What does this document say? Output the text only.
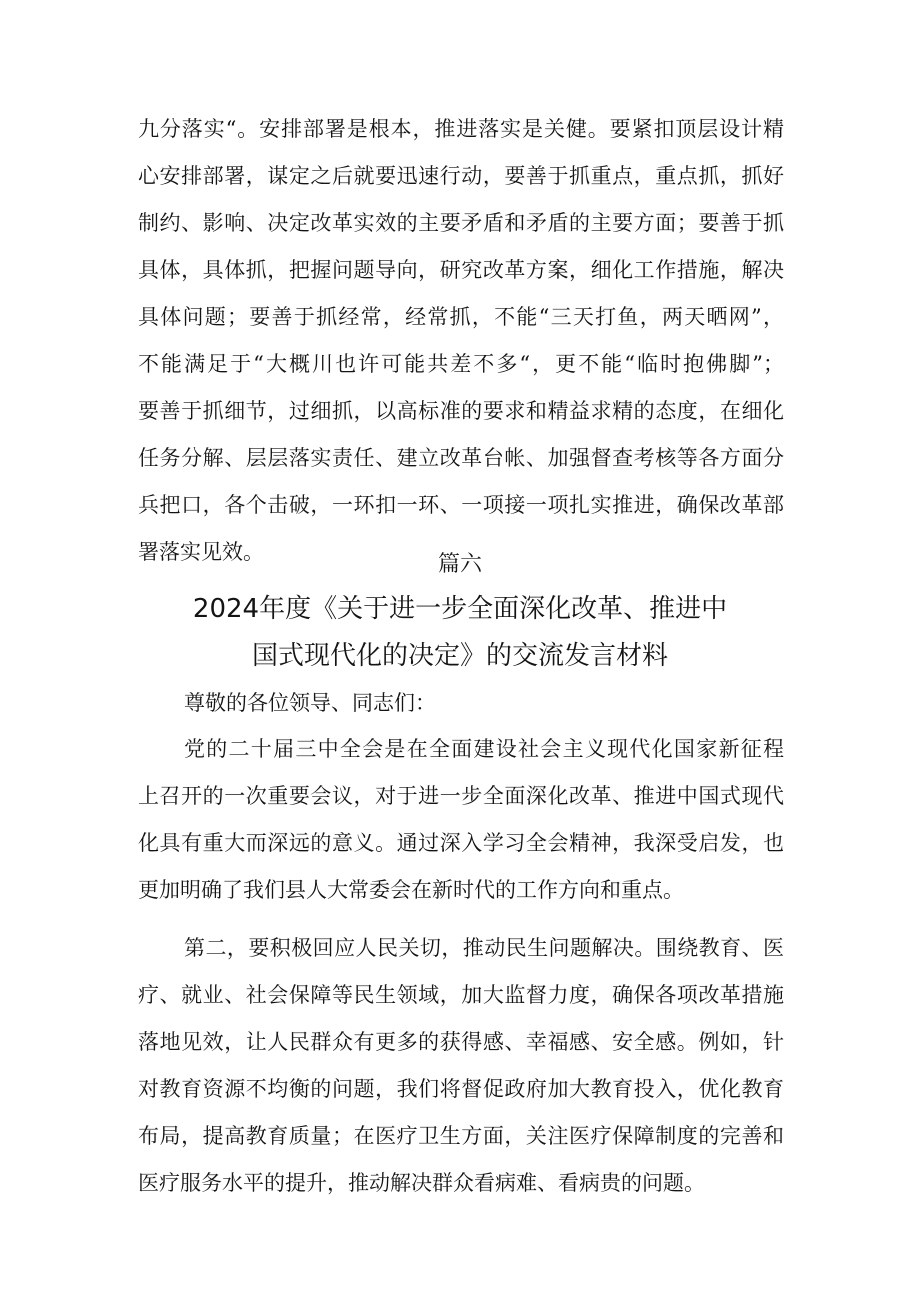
九分落实“。安排部署是根本，推进落实是关健。要紧扣顶层设计精
心安排部署，谋定之后就要迅速行动，要善于抓重点，重点抓，抓好
制约、影响、决定改革实效的主要矛盾和矛盾的主要方面；要善于抓
具体，具体抓，把握问题导向，研究改革方案，细化工作措施，解决
具体问题；要善于抓经常，经常抓，不能“三天打鱼，两天晒网”，
不能满足于“大概川也许可能共差不多“，更不能“临时抱佛脚”；
要善于抓细节，过细抓，以高标准的要求和精益求精的态度，在细化
任务分解、层层落实责任、建立改革台帐、加强督查考核等各方面分
兵把口，各个击破，一环扣一环、一项接一项扎实推进，确保改革部
署落实见效。	篇六
2024年度《关于进一步全面深化改革、推进中
国式现代化的决定》的交流发言材料
尊敬的各位领导、同志们：
党的二十届三中全会是在全面建设社会主义现代化国家新征程
上召开的一次重要会议，对于进一步全面深化改革、推进中国式现代
化具有重大而深远的意义。通过深入学习全会精神，我深受启发，也
更加明确了我们县人大常委会在新时代的工作方向和重点。
第二，要积极回应人民关切，推动民生问题解决。围绕教育、医
疗、就业、社会保障等民生领域，加大监督力度，确保各项改革措施
落地见效，让人民群众有更多的获得感、幸福感、安全感。例如，针
对教育资源不均衡的问题，我们将督促政府加大教育投入，优化教育
布局，提高教育质量；在医疗卫生方面，关注医疗保障制度的完善和
医疗服务水平的提升，推动解决群众看病难、看病贵的问题。
